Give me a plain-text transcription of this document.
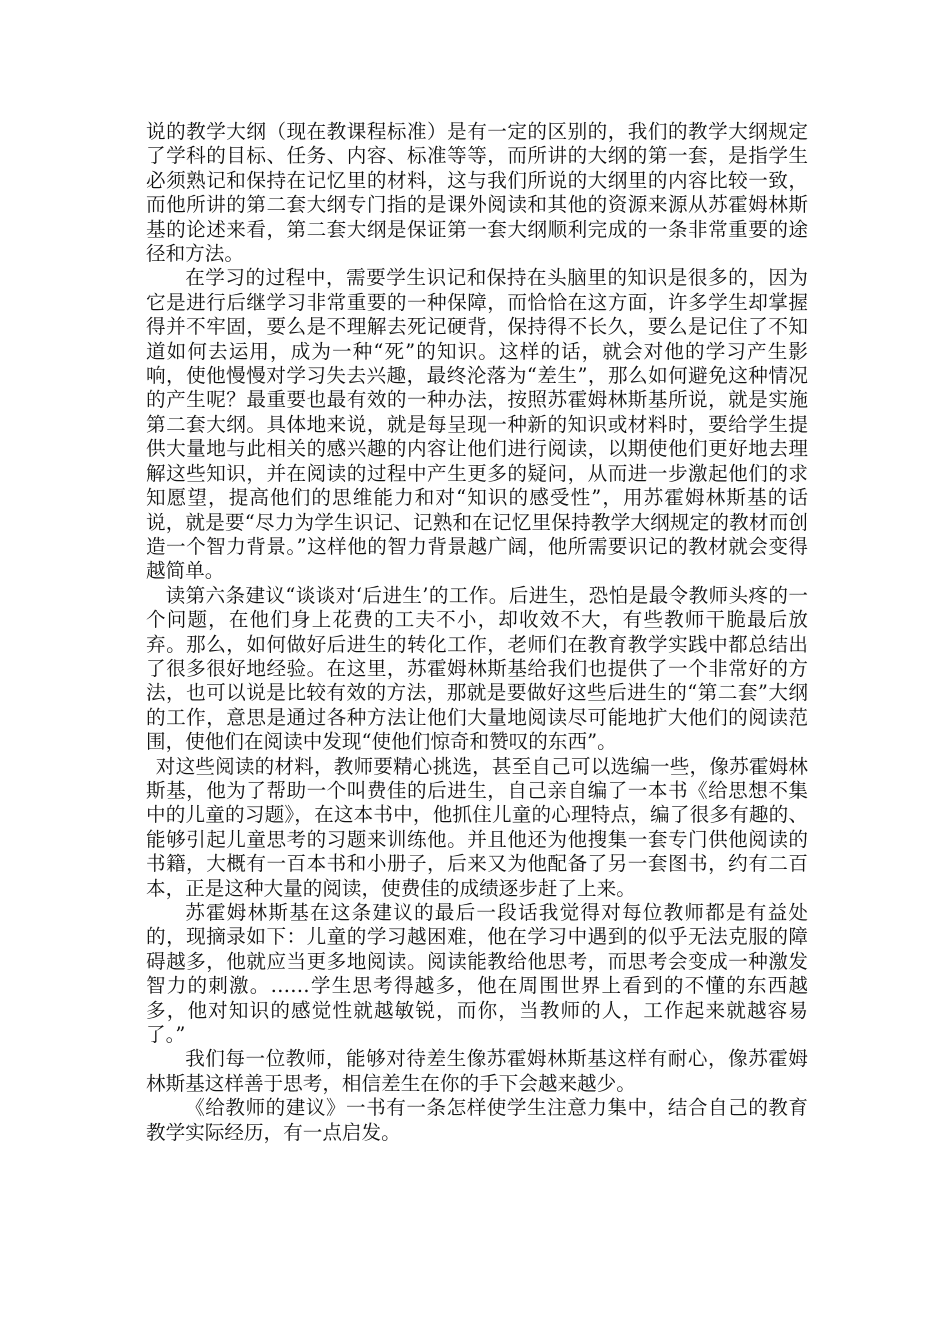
说的教学大纲（现在教课程标准）是有一定的区别的，我们的教学大纲规定了学科的目标、任务、内容、标准等等，而所讲的大纲的第一套，是指学生必须熟记和保持在记忆里的材料，这与我们所说的大纲里的内容比较一致，而他所讲的第二套大纲专门指的是课外阅读和其他的资源来源从苏霍姆林斯基的论述来看，第二套大纲是保证第一套大纲顺利完成的一条非常重要的途径和方法。

在学习的过程中，需要学生识记和保持在头脑里的知识是很多的，因为它是进行后继学习非常重要的一种保障，而恰恰在这方面，许多学生却掌握得并不牢固，要么是不理解去死记硬背，保持得不长久，要么是记住了不知道如何去运用，成为一种“死”的知识。这样的话，就会对他的学习产生影响，使他慢慢对学习失去兴趣，最终沦落为“差生”，那么如何避免这种情况的产生呢？最重要也最有效的一种办法，按照苏霍姆林斯基所说，就是实施第二套大纲。具体地来说，就是每呈现一种新的知识或材料时，要给学生提供大量地与此相关的感兴趣的内容让他们进行阅读，以期使他们更好地去理解这些知识，并在阅读的过程中产生更多的疑问，从而进一步激起他们的求知愿望，提高他们的思维能力和对“知识的感受性”，用苏霍姆林斯基的话说，就是要“尽力为学生识记、记熟和在记忆里保持教学大纲规定的教材而创造一个智力背景。”这样他的智力背景越广阔，他所需要识记的教材就会变得越简单。

读第六条建议“谈谈对‘后进生’的工作。后进生，恐怕是最令教师头疼的一个问题，在他们身上花费的工夫不小，却收效不大，有些教师干脆最后放弃。那么，如何做好后进生的转化工作，老师们在教育教学实践中都总结出了很多很好地经验。在这里，苏霍姆林斯基给我们也提供了一个非常好的方法，也可以说是比较有效的方法，那就是要做好这些后进生的“第二套”大纲的工作，意思是通过各种方法让他们大量地阅读尽可能地扩大他们的阅读范围，使他们在阅读中发现“使他们惊奇和赞叹的东西”。

对这些阅读的材料，教师要精心挑选，甚至自己可以选编一些，像苏霍姆林斯基，他为了帮助一个叫费佳的后进生，自己亲自编了一本书《给思想不集中的儿童的习题》，在这本书中，他抓住儿童的心理特点，编了很多有趣的、能够引起儿童思考的习题来训练他。并且他还为他搜集一套专门供他阅读的书籍，大概有一百本书和小册子，后来又为他配备了另一套图书，约有二百本，正是这种大量的阅读，使费佳的成绩逐步赶了上来。

苏霍姆林斯基在这条建议的最后一段话我觉得对每位教师都是有益处的，现摘录如下：儿童的学习越困难，他在学习中遇到的似乎无法克服的障碍越多，他就应当更多地阅读。阅读能教给他思考，而思考会变成一种激发智力的刺激。……学生思考得越多，他在周围世界上看到的不懂的东西越多，他对知识的感觉性就越敏锐，而你，当教师的人，工作起来就越容易了。”

我们每一位教师，能够对待差生像苏霍姆林斯基这样有耐心，像苏霍姆林斯基这样善于思考，相信差生在你的手下会越来越少。

《给教师的建议》一书有一条怎样使学生注意力集中，结合自己的教育教学实际经历，有一点启发。
